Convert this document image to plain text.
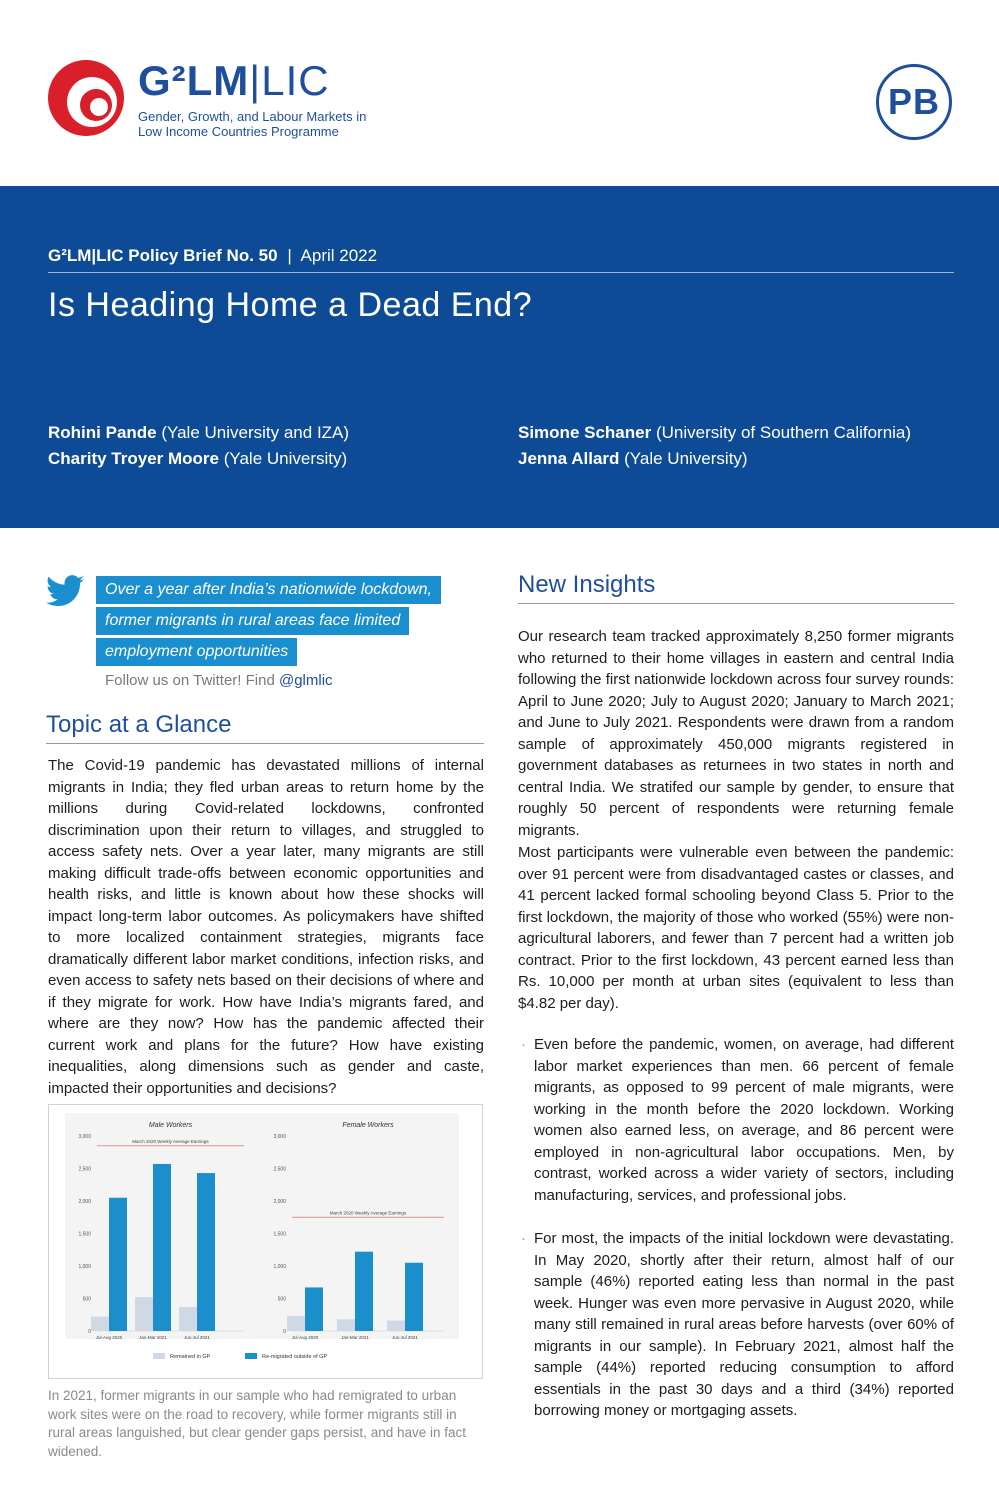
G²LM|LIC
Gender, Growth, and Labour Markets in
Low Income Countries Programme
PB
G²LM|LIC Policy Brief No. 50 | April 2022
Is Heading Home a Dead End?
Rohini Pande (Yale University and IZA)
Charity Troyer Moore (Yale University)
Simone Schaner (University of Southern California)
Jenna Allard (Yale University)
Over a year after India’s nationwide lockdown,
former migrants in rural areas face limited
employment opportunities
Follow us on Twitter! Find @glmlic
Topic at a Glance

The Covid-19 pandemic has devastated millions of internal migrants in India; they fled urban areas to return home by the millions during Covid-related lockdowns, confronted discrimination upon their return to villages, and struggled to access safety nets. Over a year later, many migrants are still making difficult trade-offs between economic opportunities and health risks, and little is known about how these shocks will impact long-term labor outcomes. As policymakers have shifted to more localized containment strategies, migrants face dramatically different labor market conditions, infection risks, and even access to safety nets based on their decisions of where and if they migrate for work. How have India’s migrants fared, and where are they now? How has the pandemic affected their current work and plans for the future? How have existing inequalities, along dimensions such as gender and caste, impacted their opportunities and decisions?

Male Workers
0
500
1,000
1,500
2,000
2,500
3,000
Jul-Aug 2020	Jan-Mar 2021	Jun-Jul 2021
March 2020 Weekly Average Earnings
Female Workers
0
500
1,000
1,500
2,000
2,500
3,000
Jul-Aug 2020	Jan-Mar 2021	Jun-Jul 2021
March 2020 Weekly Average Earnings
Remained in GP	Re-migrated outside of GP

In 2021, former migrants in our sample who had remigrated to urban work sites were on the road to recovery, while former migrants still in rural areas languished, but clear gender gaps persist, and have in fact widened.

New Insights

Our research team tracked approximately 8,250 former migrants who returned to their home villages in eastern and central India following the first nationwide lockdown across four survey rounds: April to June 2020; July to August 2020; January to March 2021; and June to July 2021. Respondents were drawn from a random sample of approximately 450,000 migrants registered in government databases as returnees in two states in north and central India. We stratifed our sample by gender, to ensure that roughly 50 percent of respondents were returning female migrants.

Most participants were vulnerable even between the pandemic: over 91 percent were from disadvantaged castes or classes, and 41 percent lacked formal schooling beyond Class 5. Prior to the first lockdown, the majority of those who worked (55%) were non-agricultural laborers, and fewer than 7 percent had a written job contract. Prior to the first lockdown, 43 percent earned less than Rs. 10,000 per month at urban sites (equivalent to less than $4.82 per day).

· Even before the pandemic, women, on average, had different labor market experiences than men. 66 percent of female migrants, as opposed to 99 percent of male migrants, were working in the month before the 2020 lockdown. Working women also earned less, on average, and 86 percent were employed in non-agricultural labor occupations. Men, by contrast, worked across a wider variety of sectors, including manufacturing, services, and professional jobs.
· For most, the impacts of the initial lockdown were devastating. In May 2020, shortly after their return, almost half of our sample (46%) reported eating less than normal in the past week. Hunger was even more pervasive in August 2020, while many still remained in rural areas before harvests (over 60% of migrants in our sample). In February 2021, almost half the sample (44%) reported reducing consumption to afford essentials in the past 30 days and a third (34%) reported borrowing money or mortgaging assets.
